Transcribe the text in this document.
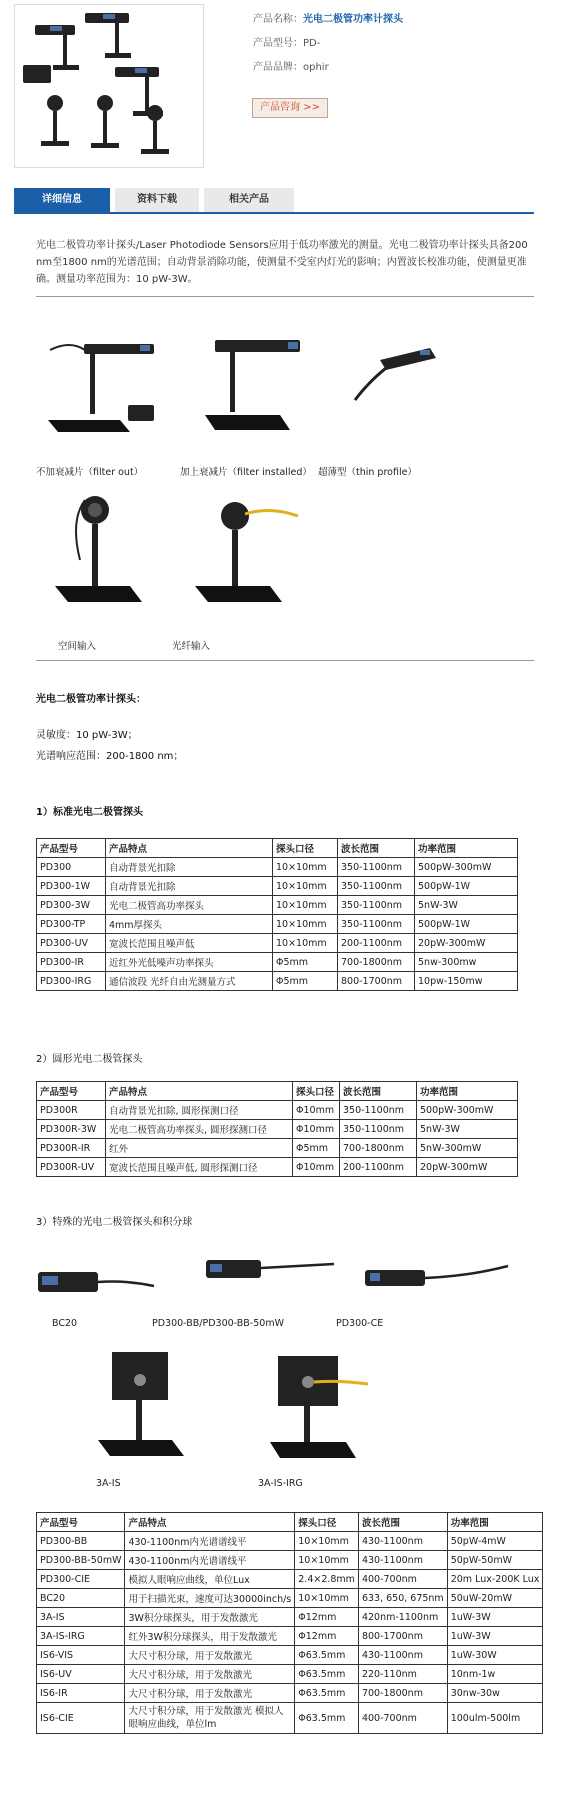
产品名称：光电二极管功率计探头
产品型号：PD-
产品品牌：ophir
产品咨询 >>
详细信息	资料下载	相关产品
光电二极管功率计探头/Laser Photodiode Sensors应用于低功率激光的测量。光电二极管功率计探头具备200 nm至1800 nm的光谱范围；自动背景消除功能，使测量不受室内灯光的影响；内置波长校准功能，使测量更准确。测量功率范围为：10 pW-3W。
不加衰减片（filter out）	加上衰减片（filter installed） 超薄型（thin profile）
空间输入	光纤输入
光电二极管功率计探头：
灵敏度：10 pW-3W；
光谱响应范围：200-1800 nm；
1）标准光电二极管探头
产品型号	产品特点	探头口径	波长范围	功率范围
PD300	自动背景光扣除	10×10mm	350-1100nm	500pW-300mW
PD300-1W	自动背景光扣除	10×10mm	350-1100nm	500pW-1W
PD300-3W	光电二极管高功率探头	10×10mm	350-1100nm	5nW-3W
PD300-TP	4mm厚探头	10×10mm	350-1100nm	500pW-1W
PD300-UV	宽波长范围且噪声低	10×10mm	200-1100nm	20pW-300mW
PD300-IR	近红外光低噪声功率探头	Φ5mm	700-1800nm	5nw-300mw
PD300-IRG	通信波段 光纤自由光测量方式	Φ5mm	800-1700nm	10pw-150mw
2）圆形光电二极管探头
产品型号	产品特点	探头口径	波长范围	功率范围
PD300R	自动背景光扣除, 圆形探测口径	Φ10mm	350-1100nm	500pW-300mW
PD300R-3W	光电二极管高功率探头, 圆形探测口径	Φ10mm	350-1100nm	5nW-3W
PD300R-IR	红外	Φ5mm	700-1800nm	5nW-300mW
PD300R-UV	宽波长范围且噪声低, 圆形探测口径	Φ10mm	200-1100nm	20pW-300mW
3）特殊的光电二极管探头和积分球
BC20	PD300-BB/PD300-BB-50mW	PD300-CE
3A-IS	3A-IS-IRG
产品型号	产品特点	探头口径	波长范围	功率范围
PD300-BB	430-1100nm内光谱谱线平	10×10mm	430-1100nm	50pW-4mW
PD300-BB-50mW	430-1100nm内光谱谱线平	10×10mm	430-1100nm	50pW-50mW
PD300-CIE	模拟人眼响应曲线，单位Lux	2.4×2.8mm	400-700nm	20m Lux-200K Lux
BC20	用于扫描光束，速度可达30000inch/s	10×10mm	633, 650, 675nm	50uW-20mW
3A-IS	3W积分球探头，用于发散激光	Φ12mm	420nm-1100nm	1uW-3W
3A-IS-IRG	红外3W积分球探头，用于发散激光	Φ12mm	800-1700nm	1uW-3W
IS6-VIS	大尺寸积分球，用于发散激光	Φ63.5mm	430-1100nm	1uW-30W
IS6-UV	大尺寸积分球，用于发散激光	Φ63.5mm	220-110nm	10nm-1w
IS6-IR	大尺寸积分球，用于发散激光	Φ63.5mm	700-1800nm	30nw-30w
IS6-CIE	大尺寸积分球，用于发散激光 模拟人眼响应曲线，单位lm	Φ63.5mm	400-700nm	100ulm-500lm
